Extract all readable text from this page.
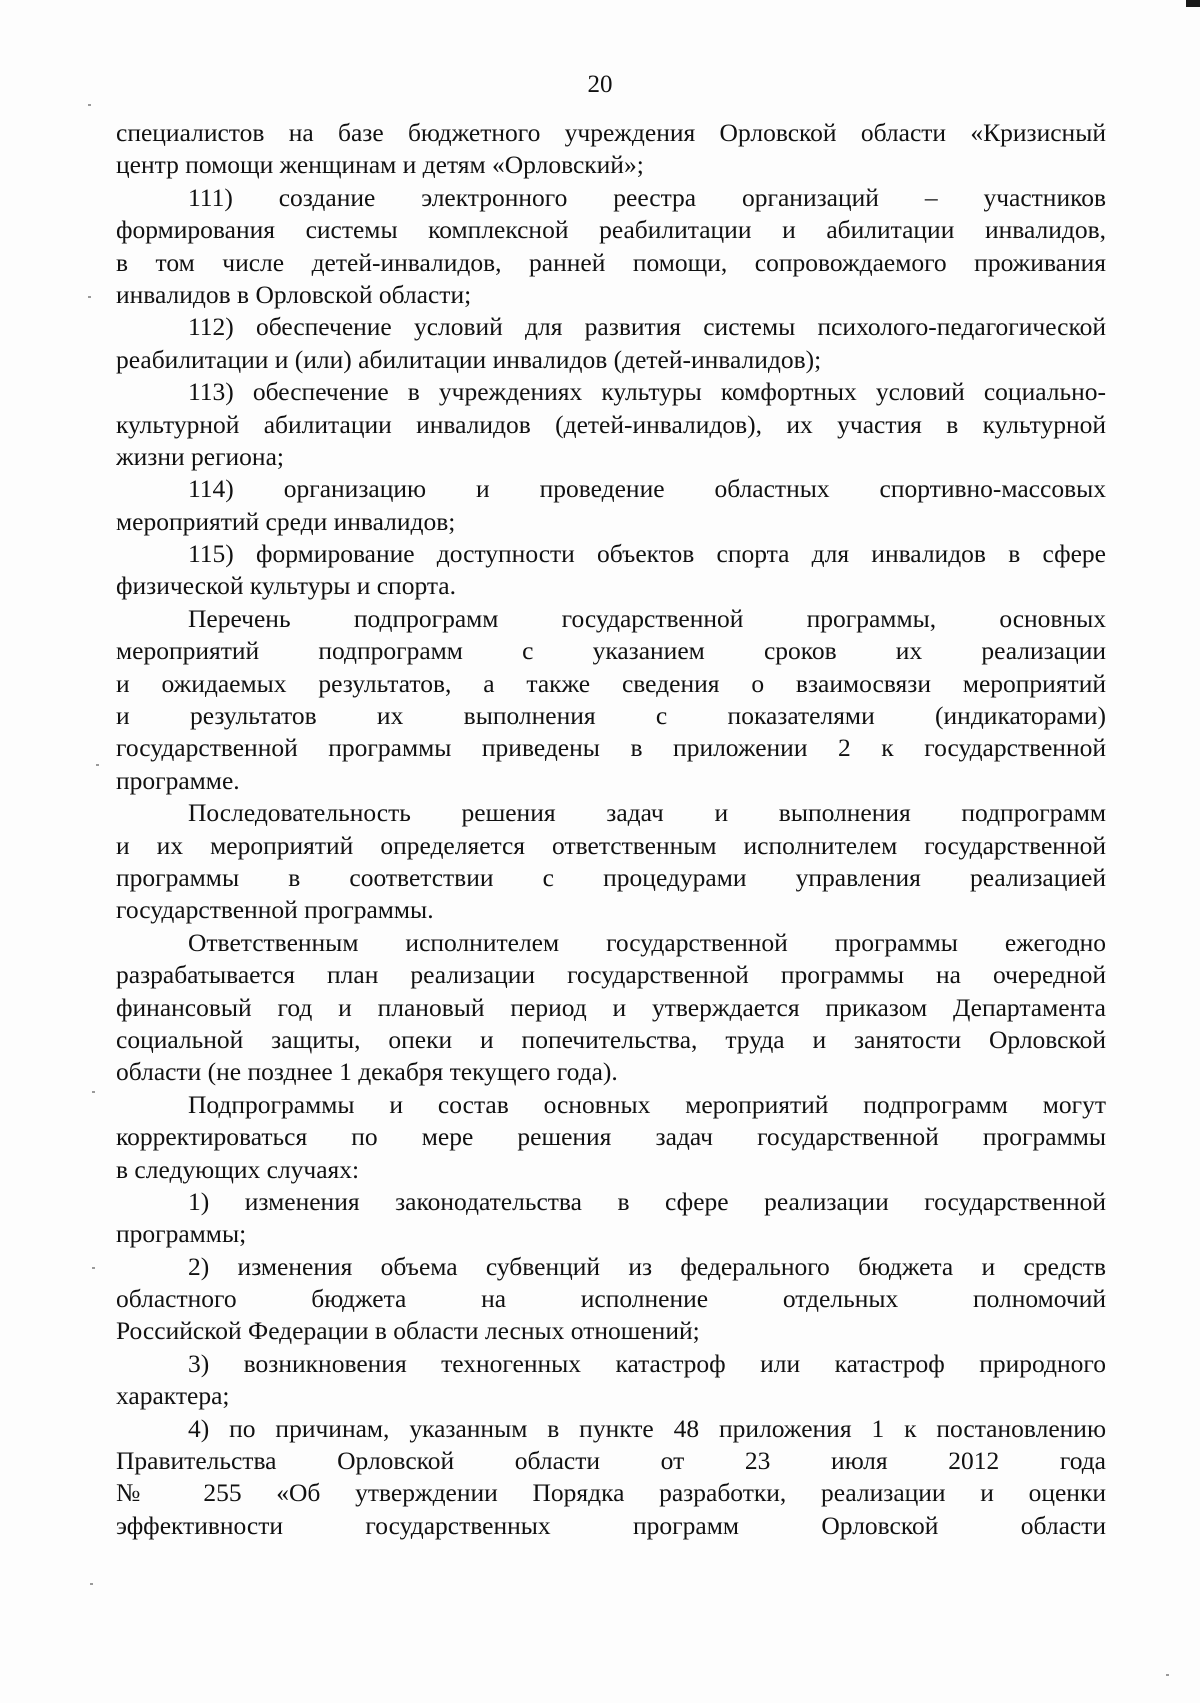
20
специалистов на базе бюджетного учреждения Орловской области «Кризисный
центр помощи женщинам и детям «Орловский»;
111) создание электронного реестра организаций – участников
формирования системы комплексной реабилитации и абилитации инвалидов,
в том числе детей-инвалидов, ранней помощи, сопровождаемого проживания
инвалидов в Орловской области;
112) обеспечение условий для развития системы психолого-педагогической
реабилитации и (или) абилитации инвалидов (детей-инвалидов);
113) обеспечение в учреждениях культуры комфортных условий социально-
культурной абилитации инвалидов (детей-инвалидов), их участия в культурной
жизни региона;
114) организацию и проведение областных спортивно-массовых
мероприятий среди инвалидов;
115) формирование доступности объектов спорта для инвалидов в сфере
физической культуры и спорта.
Перечень подпрограмм государственной программы, основных
мероприятий подпрограмм с указанием сроков их реализации
и ожидаемых результатов, а также сведения о взаимосвязи мероприятий
и результатов их выполнения с показателями (индикаторами)
государственной программы приведены в приложении 2 к государственной
программе.
Последовательность решения задач и выполнения подпрограмм
и их мероприятий определяется ответственным исполнителем государственной
программы в соответствии с процедурами управления реализацией
государственной программы.
Ответственным исполнителем государственной программы ежегодно
разрабатывается план реализации государственной программы на очередной
финансовый год и плановый период и утверждается приказом Департамента
социальной защиты, опеки и попечительства, труда и занятости Орловской
области (не позднее 1 декабря текущего года).
Подпрограммы и состав основных мероприятий подпрограмм могут
корректироваться по мере решения задач государственной программы
в следующих случаях:
1) изменения законодательства в сфере реализации государственной
программы;
2) изменения объема субвенций из федерального бюджета и средств
областного бюджета на исполнение отдельных полномочий
Российской Федерации в области лесных отношений;
3) возникновения техногенных катастроф или катастроф природного
характера;
4) по причинам, указанным в пункте 48 приложения 1 к постановлению
Правительства Орловской области от 23 июля 2012 года
№ 255 «Об утверждении Порядка разработки, реализации и оценки
эффективности государственных программ Орловской области
